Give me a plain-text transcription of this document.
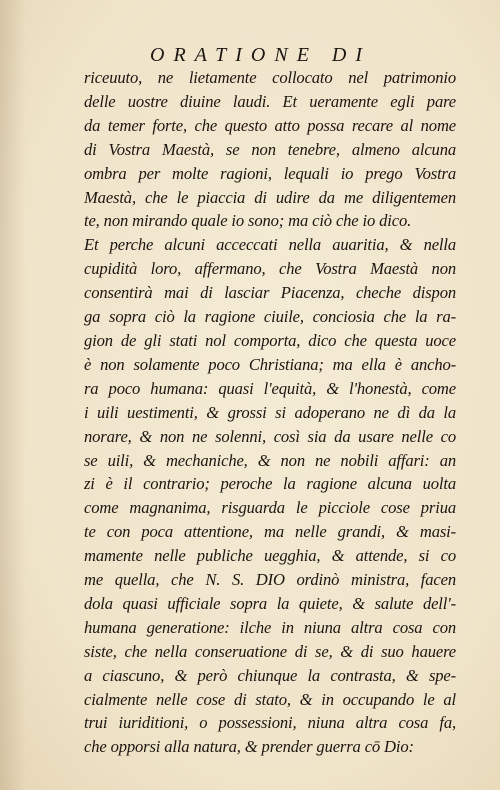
ORATIONE DI
riceuuto, ne lietamente collocato nel patrimonio
delle uostre diuine laudi. Et ueramente egli pare
da temer forte, che questo atto possa recare al nome
di Vostra Maestà, se non tenebre, almeno alcuna
ombra per molte ragioni, lequali io prego Vostra
Maestà, che le piaccia di udire da me diligentemen
te, non mirando quale io sono; ma ciò che io dico.
Et perche alcuni acceccati nella auaritia, & nella
cupidità loro, affermano, che Vostra Maestà non
consentirà mai di lasciar Piacenza, cheche dispon
ga sopra ciò la ragione ciuile, conciosia che la ra-
gion de gli stati nol comporta, dico che questa uoce
è non solamente poco Christiana; ma ella è ancho-
ra poco humana: quasi l'equità, & l'honestà, come
i uili uestimenti, & grossi si adoperano ne dì da la
norare, & non ne solenni, così sia da usare nelle co
se uili, & mechaniche, & non ne nobili affari: an
zi è il contrario; peroche la ragione alcuna uolta
come magnanima, risguarda le picciole cose priua
te con poca attentione, ma nelle grandi, & masi-
mamente nelle publiche uegghia, & attende, si co
me quella, che N. S. DIO ordinò ministra, facen
dola quasi ufficiale sopra la quiete, & salute dell'-
humana generatione: ilche in niuna altra cosa con
siste, che nella conseruatione di se, & di suo hauere
a ciascuno, & però chiunque la contrasta, & spe-
cialmente nelle cose di stato, & in occupando le al
trui iuriditioni, o possessioni, niuna altra cosa fa,
che opporsi alla natura, & prender guerra cō Dio:
